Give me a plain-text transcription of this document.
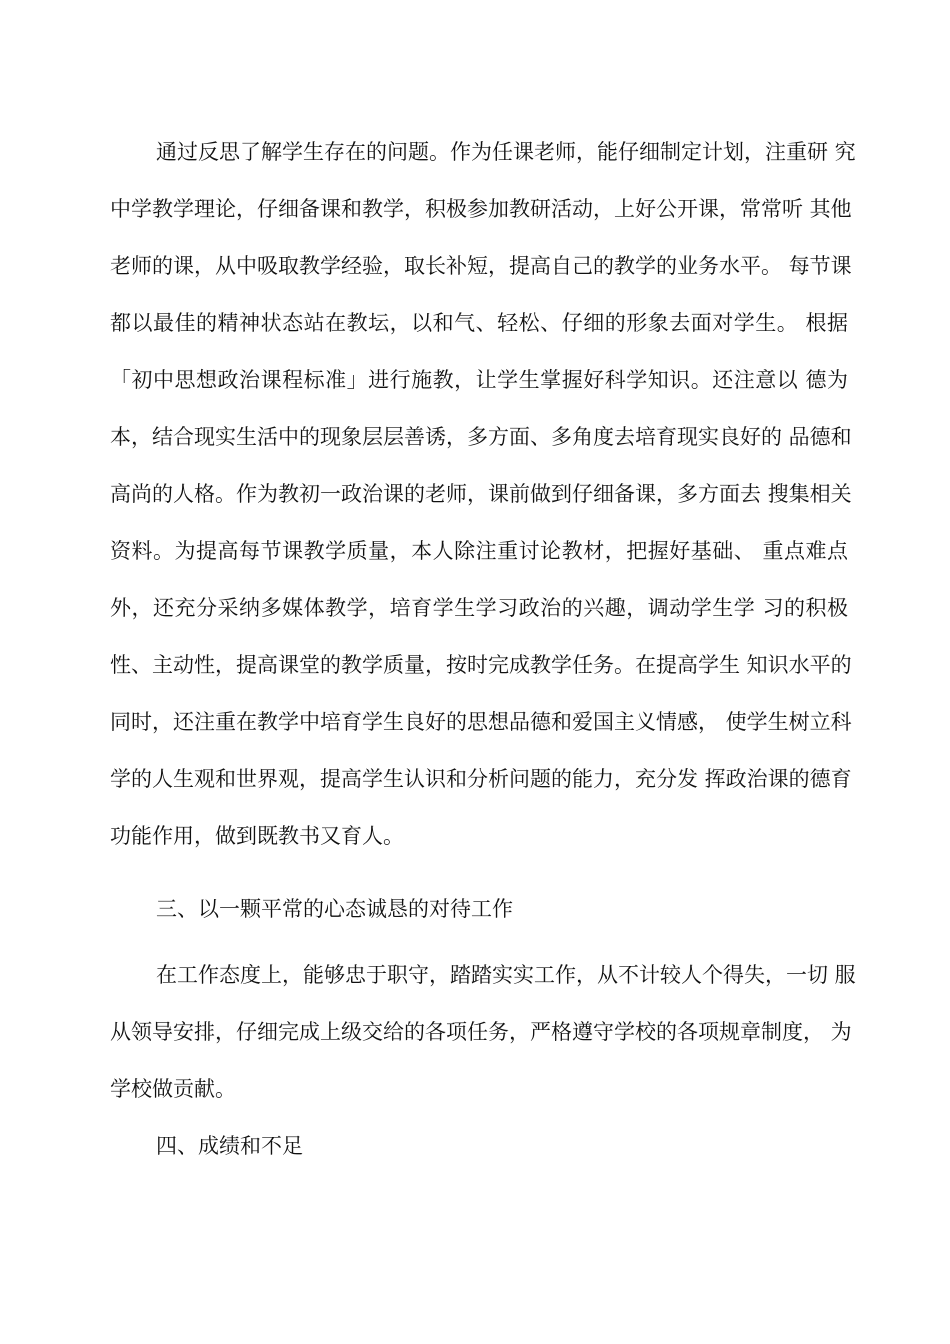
通过反思了解学生存在的问题。作为任课老师，能仔细制定计划，注重研 究

中学教学理论，仔细备课和教学，积极参加教研活动，上好公开课，常常听 其他

老师的课，从中吸取教学经验，取长补短，提高自己的教学的业务水平。 每节课

都以最佳的精神状态站在教坛，以和气、轻松、仔细的形象去面对学生。 根据

「初中思想政治课程标准」进行施教，让学生掌握好科学知识。还注意以 德为

本，结合现实生活中的现象层层善诱，多方面、多角度去培育现实良好的 品德和

高尚的人格。作为教初一政治课的老师，课前做到仔细备课，多方面去 搜集相关

资料。为提高每节课教学质量，本人除注重讨论教材，把握好基础、 重点难点

外，还充分采纳多媒体教学，培育学生学习政治的兴趣，调动学生学 习的积极

性、主动性，提高课堂的教学质量，按时完成教学任务。在提高学生 知识水平的

同时，还注重在教学中培育学生良好的思想品德和爱国主义情感， 使学生树立科

学的人生观和世界观，提高学生认识和分析问题的能力，充分发 挥政治课的德育

功能作用，做到既教书又育人。

三、以一颗平常的心态诚恳的对待工作

在工作态度上，能够忠于职守，踏踏实实工作，从不计较人个得失，一切 服

从领导安排，仔细完成上级交给的各项任务，严格遵守学校的各项规章制度， 为

学校做贡献。

四、成绩和不足
